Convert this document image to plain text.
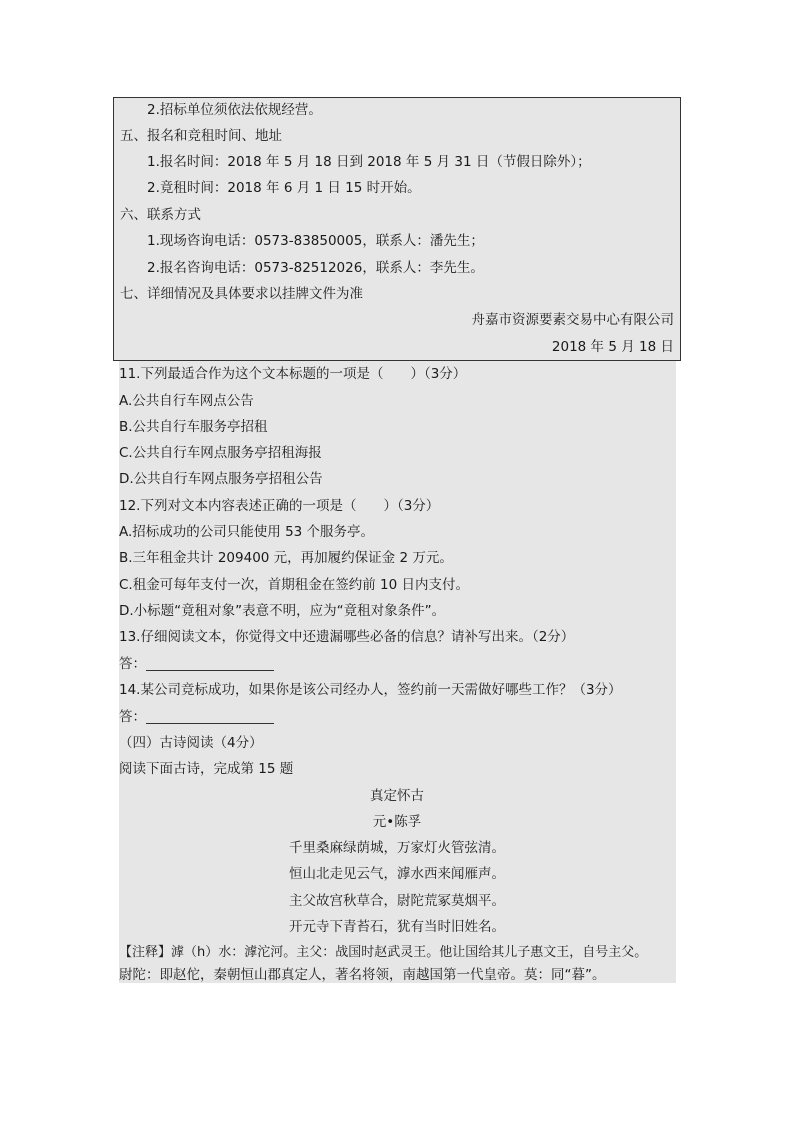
2.招标单位须依法依规经营。
五、报名和竞租时间、地址
1.报名时间：2018 年 5 月 18 日到 2018 年 5 月 31 日（节假日除外）；
2.竟租时间：2018 年 6 月 1 日 15 时开始。
六、联系方式
1.现场咨询电话：0573-83850005，联系人：潘先生；
2.报名咨询电话：0573-82512026，联系人：李先生。
七、详细情况及具体要求以挂牌文件为准
舟嘉市资源要素交易中心有限公司
2018 年 5 月 18 日
11.下列最适合作为这个文本标题的一项是（　　）（3分）
A.公共自行车网点公告
B.公共自行车服务亭招租
C.公共自行车网点服务亭招租海报
D.公共自行车网点服务亭招租公告
12.下列对文本内容表述正确的一项是（　　）（3分）
A.招标成功的公司只能使用 53 个服务亭。
B.三年租金共计 209400 元，再加履约保证金 2 万元。
C.租金可每年支付一次，首期租金在签约前 10 日内支付。
D.小标题“竟租对象”表意不明，应为“竟租对象条件”。
13.仔细阅读文本，你觉得文中还遗漏哪些必备的信息？请补写出来。（2分）
答：
14.某公司竞标成功，如果你是该公司经办人，签约前一天需做好哪些工作？（3分）
答：
（四）古诗阅读（4分）
阅读下面古诗，完成第 15 题
真定怀古
元•陈孚
千里桑麻绿荫城，万家灯火管弦清。
恒山北走见云气，滹水西来闻雁声。
主父故宫秋草合，尉陀荒冢莫烟平。
开元寺下青苔石，犹有当时旧姓名。
【注释】滹（h）水：滹沱河。主父：战国时赵武灵王。他让国给其儿子惠文王，自号主父。
尉陀：即赵佗，秦朝恒山郡真定人，著名将领，南越国第一代皇帝。莫：同“暮”。
